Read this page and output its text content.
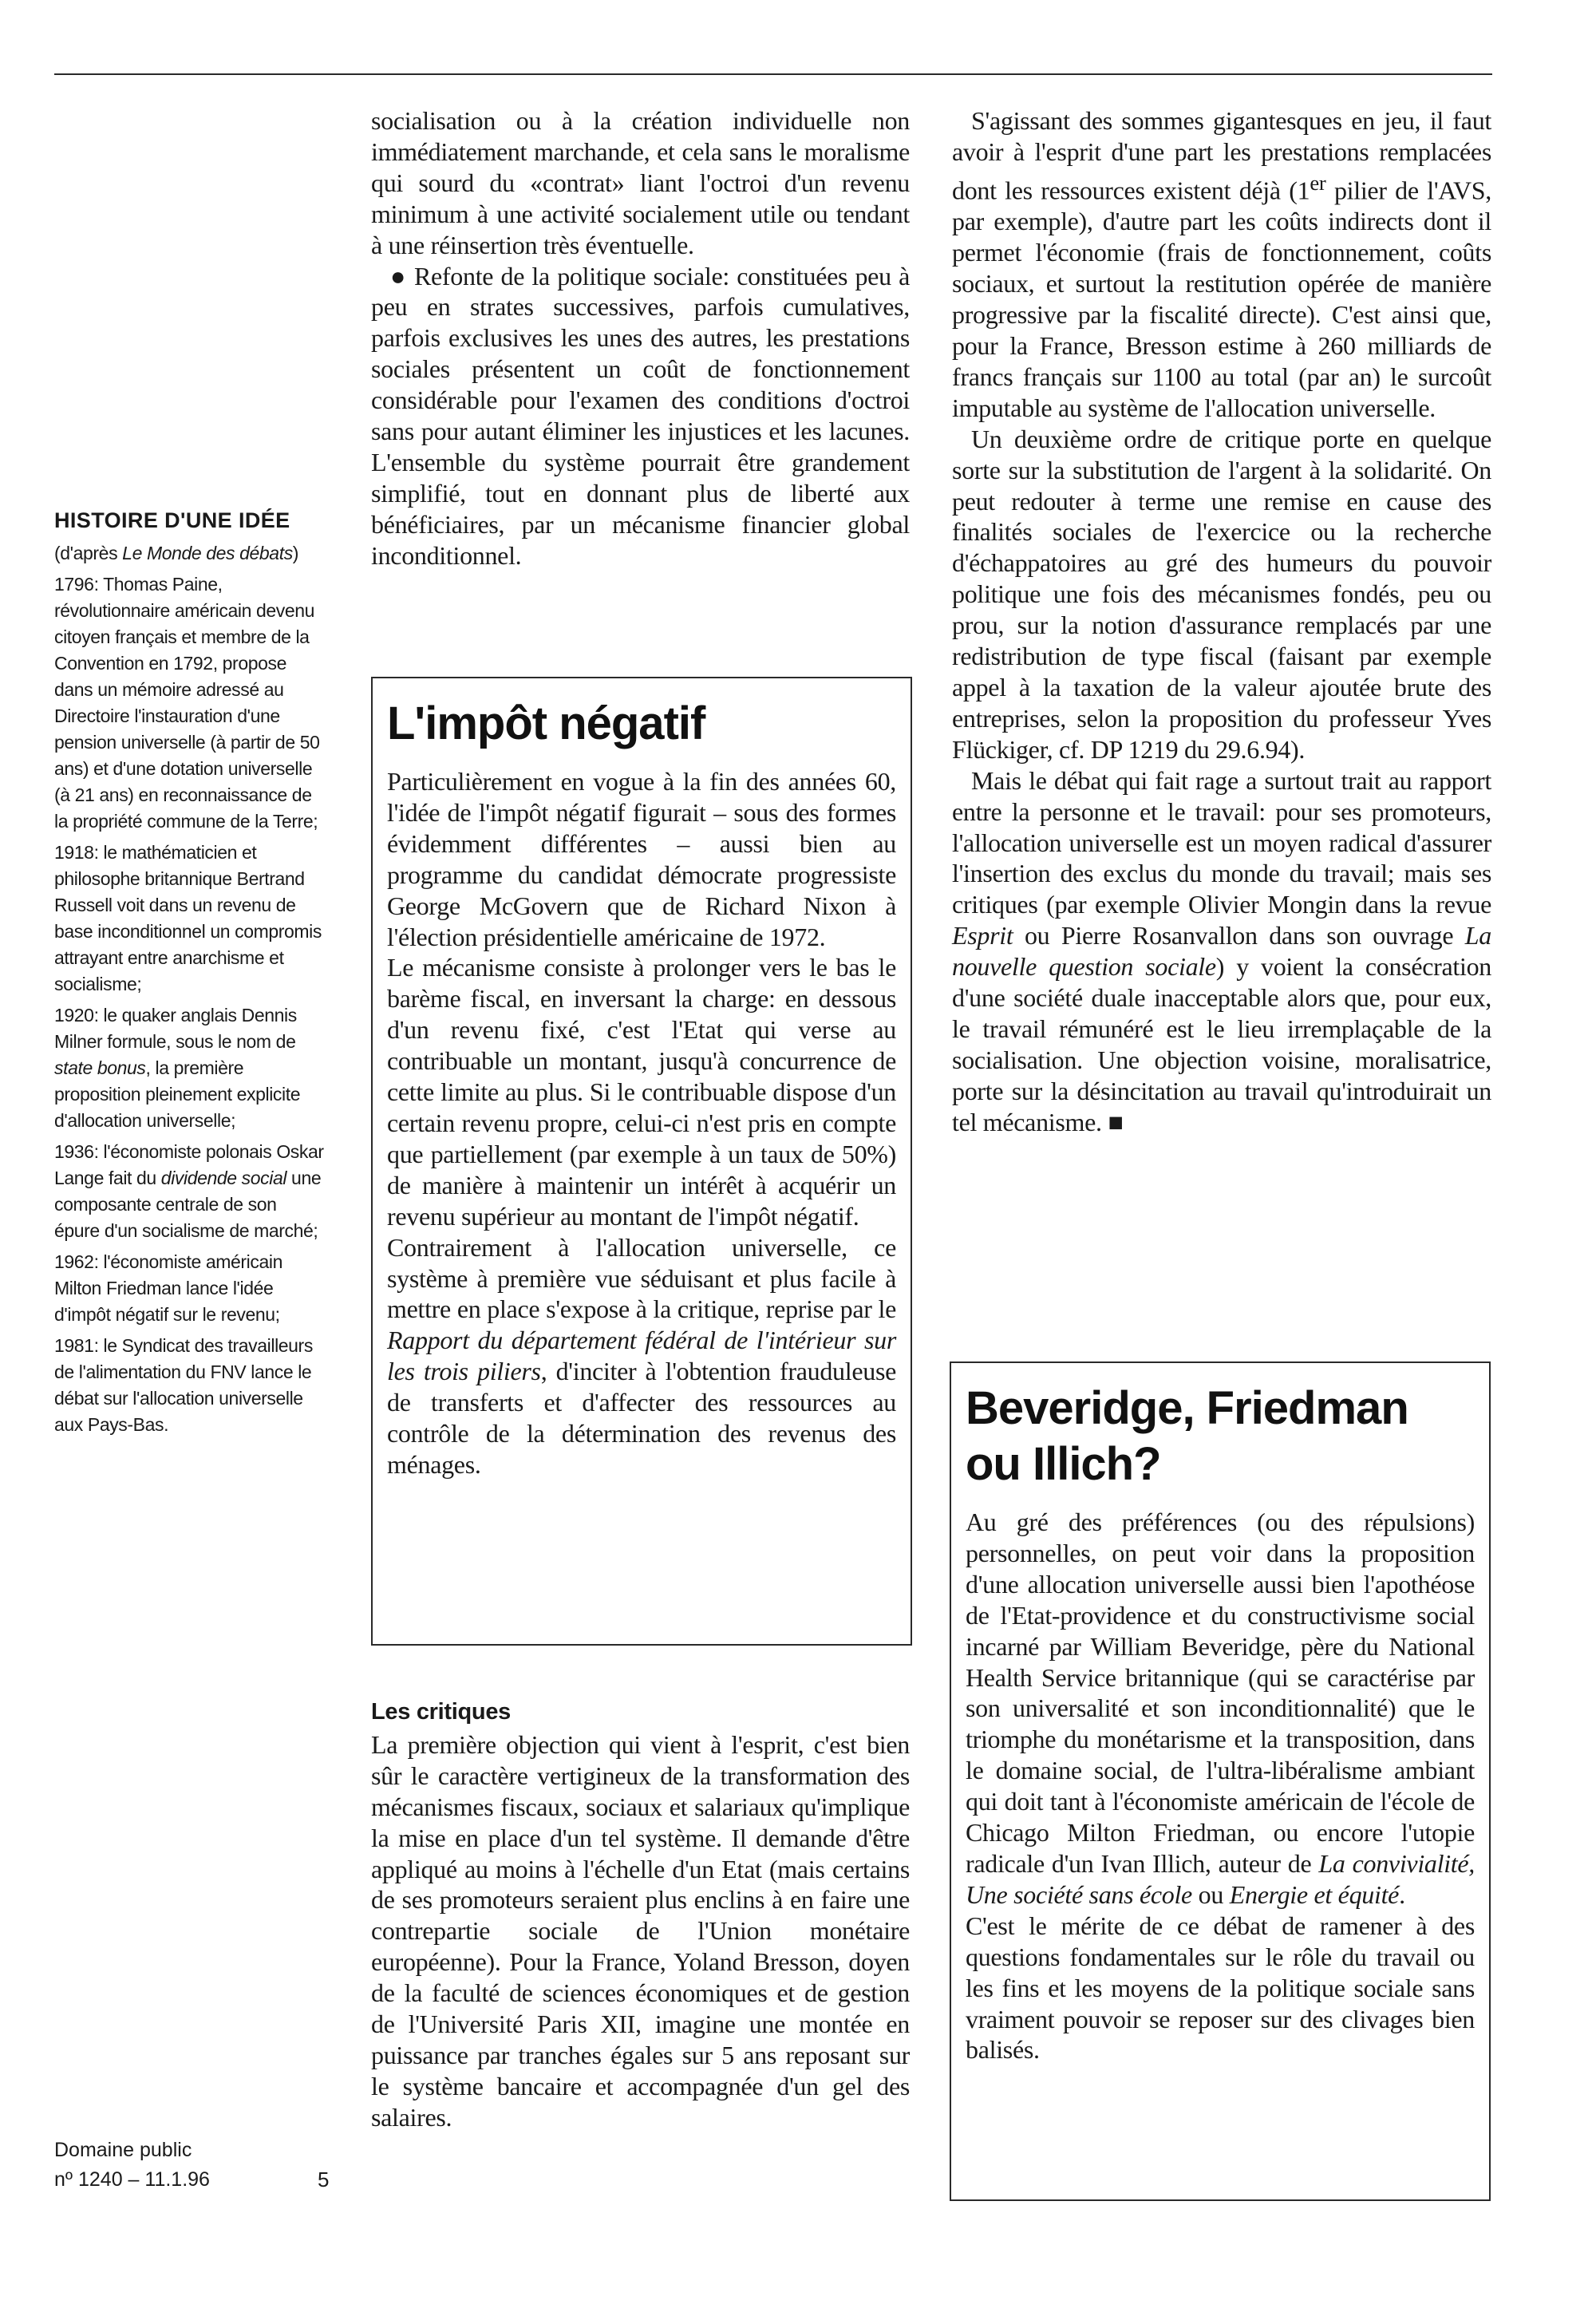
HISTOIRE D'UNE IDÉE

(d'après Le Monde des débats)

1796: Thomas Paine, révolutionnaire américain devenu citoyen français et membre de la Convention en 1792, propose dans un mémoire adressé au Directoire l'instauration d'une pension universelle (à partir de 50 ans) et d'une dotation universelle (à 21 ans) en reconnaissance de la propriété commune de la Terre;

1918: le mathématicien et philosophe britannique Bertrand Russell voit dans un revenu de base inconditionnel un compromis attrayant entre anarchisme et socialisme;

1920: le quaker anglais Dennis Milner formule, sous le nom de state bonus, la première proposition pleinement explicite d'allocation universelle;

1936: l'économiste polonais Oskar Lange fait du dividende social une composante centrale de son épure d'un socialisme de marché;

1962: l'économiste américain Milton Friedman lance l'idée d'impôt négatif sur le revenu;

1981: le Syndicat des travailleurs de l'alimentation du FNV lance le débat sur l'allocation universelle aux Pays-Bas.

Domaine public
nº 1240 – 11.1.96	5

socialisation ou à la création individuelle non immédiatement marchande, et cela sans le moralisme qui sourd du «contrat» liant l'octroi d'un revenu minimum à une activité socialement utile ou tendant à une réinsertion très éventuelle.

● Refonte de la politique sociale: constituées peu à peu en strates successives, parfois cumulatives, parfois exclusives les unes des autres, les prestations sociales présentent un coût de fonctionnement considérable pour l'examen des conditions d'octroi sans pour autant éliminer les injustices et les lacunes. L'ensemble du système pourrait être grandement simplifié, tout en donnant plus de liberté aux bénéficiaires, par un mécanisme financier global inconditionnel.

L'impôt négatif

Particulièrement en vogue à la fin des années 60, l'idée de l'impôt négatif figurait – sous des formes évidemment différentes – aussi bien au programme du candidat démocrate progressiste George McGovern que de Richard Nixon à l'élection présidentielle américaine de 1972.

Le mécanisme consiste à prolonger vers le bas le barème fiscal, en inversant la charge: en dessous d'un revenu fixé, c'est l'Etat qui verse au contribuable un montant, jusqu'à concurrence de cette limite au plus. Si le contribuable dispose d'un certain revenu propre, celui-ci n'est pris en compte que partiellement (par exemple à un taux de 50%) de manière à maintenir un intérêt à acquérir un revenu supérieur au montant de l'impôt négatif.

Contrairement à l'allocation universelle, ce système à première vue séduisant et plus facile à mettre en place s'expose à la critique, reprise par le Rapport du département fédéral de l'intérieur sur les trois piliers, d'inciter à l'obtention frauduleuse de transferts et d'affecter des ressources au contrôle de la détermination des revenus des ménages.

Les critiques

La première objection qui vient à l'esprit, c'est bien sûr le caractère vertigineux de la transformation des mécanismes fiscaux, sociaux et salariaux qu'implique la mise en place d'un tel système. Il demande d'être appliqué au moins à l'échelle d'un Etat (mais certains de ses promoteurs seraient plus enclins à en faire une contrepartie sociale de l'Union monétaire européenne). Pour la France, Yoland Bresson, doyen de la faculté de sciences économiques et de gestion de l'Université Paris XII, imagine une montée en puissance par tranches égales sur 5 ans reposant sur le système bancaire et accompagnée d'un gel des salaires.

S'agissant des sommes gigantesques en jeu, il faut avoir à l'esprit d'une part les prestations remplacées dont les ressources existent déjà (1er pilier de l'AVS, par exemple), d'autre part les coûts indirects dont il permet l'économie (frais de fonctionnement, coûts sociaux, et surtout la restitution opérée de manière progressive par la fiscalité directe). C'est ainsi que, pour la France, Bresson estime à 260 milliards de francs français sur 1100 au total (par an) le surcoût imputable au système de l'allocation universelle.

Un deuxième ordre de critique porte en quelque sorte sur la substitution de l'argent à la solidarité. On peut redouter à terme une remise en cause des finalités sociales de l'exercice ou la recherche d'échappatoires au gré des humeurs du pouvoir politique une fois des mécanismes fondés, peu ou prou, sur la notion d'assurance remplacés par une redistribution de type fiscal (faisant par exemple appel à la taxation de la valeur ajoutée brute des entreprises, selon la proposition du professeur Yves Flückiger, cf. DP 1219 du 29.6.94).

Mais le débat qui fait rage a surtout trait au rapport entre la personne et le travail: pour ses promoteurs, l'allocation universelle est un moyen radical d'assurer l'insertion des exclus du monde du travail; mais ses critiques (par exemple Olivier Mongin dans la revue Esprit ou Pierre Rosanvallon dans son ouvrage La nouvelle question sociale) y voient la consécration d'une société duale inacceptable alors que, pour eux, le travail rémunéré est le lieu irremplaçable de la socialisation. Une objection voisine, moralisatrice, porte sur la désincitation au travail qu'introduirait un tel mécanisme. ■

Beveridge, Friedman ou Illich?

Au gré des préférences (ou des répulsions) personnelles, on peut voir dans la proposition d'une allocation universelle aussi bien l'apothéose de l'Etat-providence et du constructivisme social incarné par William Beveridge, père du National Health Service britannique (qui se caractérise par son universalité et son inconditionnalité) que le triomphe du monétarisme et la transposition, dans le domaine social, de l'ultra-libéralisme ambiant qui doit tant à l'économiste américain de l'école de Chicago Milton Friedman, ou encore l'utopie radicale d'un Ivan Illich, auteur de La convivialité, Une société sans école ou Energie et équité.

C'est le mérite de ce débat de ramener à des questions fondamentales sur le rôle du travail ou les fins et les moyens de la politique sociale sans vraiment pouvoir se reposer sur des clivages bien balisés.
